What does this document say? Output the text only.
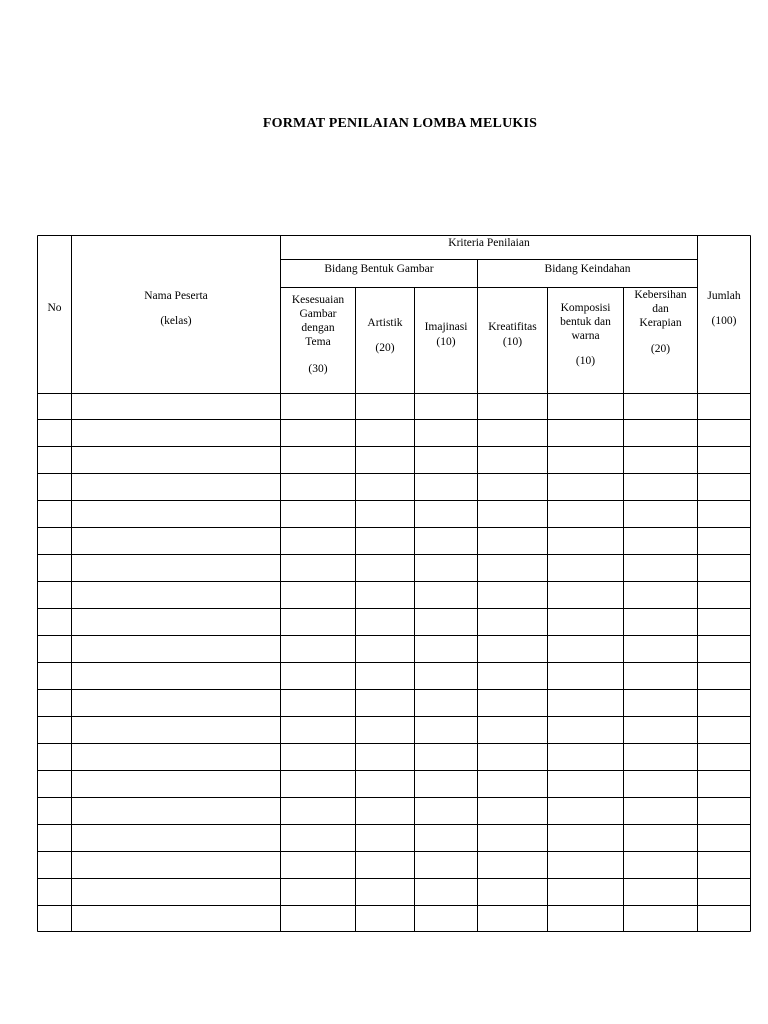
FORMAT PENILAIAN LOMBA MELUKIS
No
Nama Peserta
(kelas)
Kriteria Penilaian
Bidang Bentuk Gambar	Bidang Keindahan
Kesesuaian
Gambar
dengan
Tema
(30)
Artistik
(20)
Imajinasi
(10)
Kreatifitas
(10)
Komposisi
bentuk dan
warna
(10)
Kebersihan
dan
Kerapian
(20)
Jumlah
(100)
